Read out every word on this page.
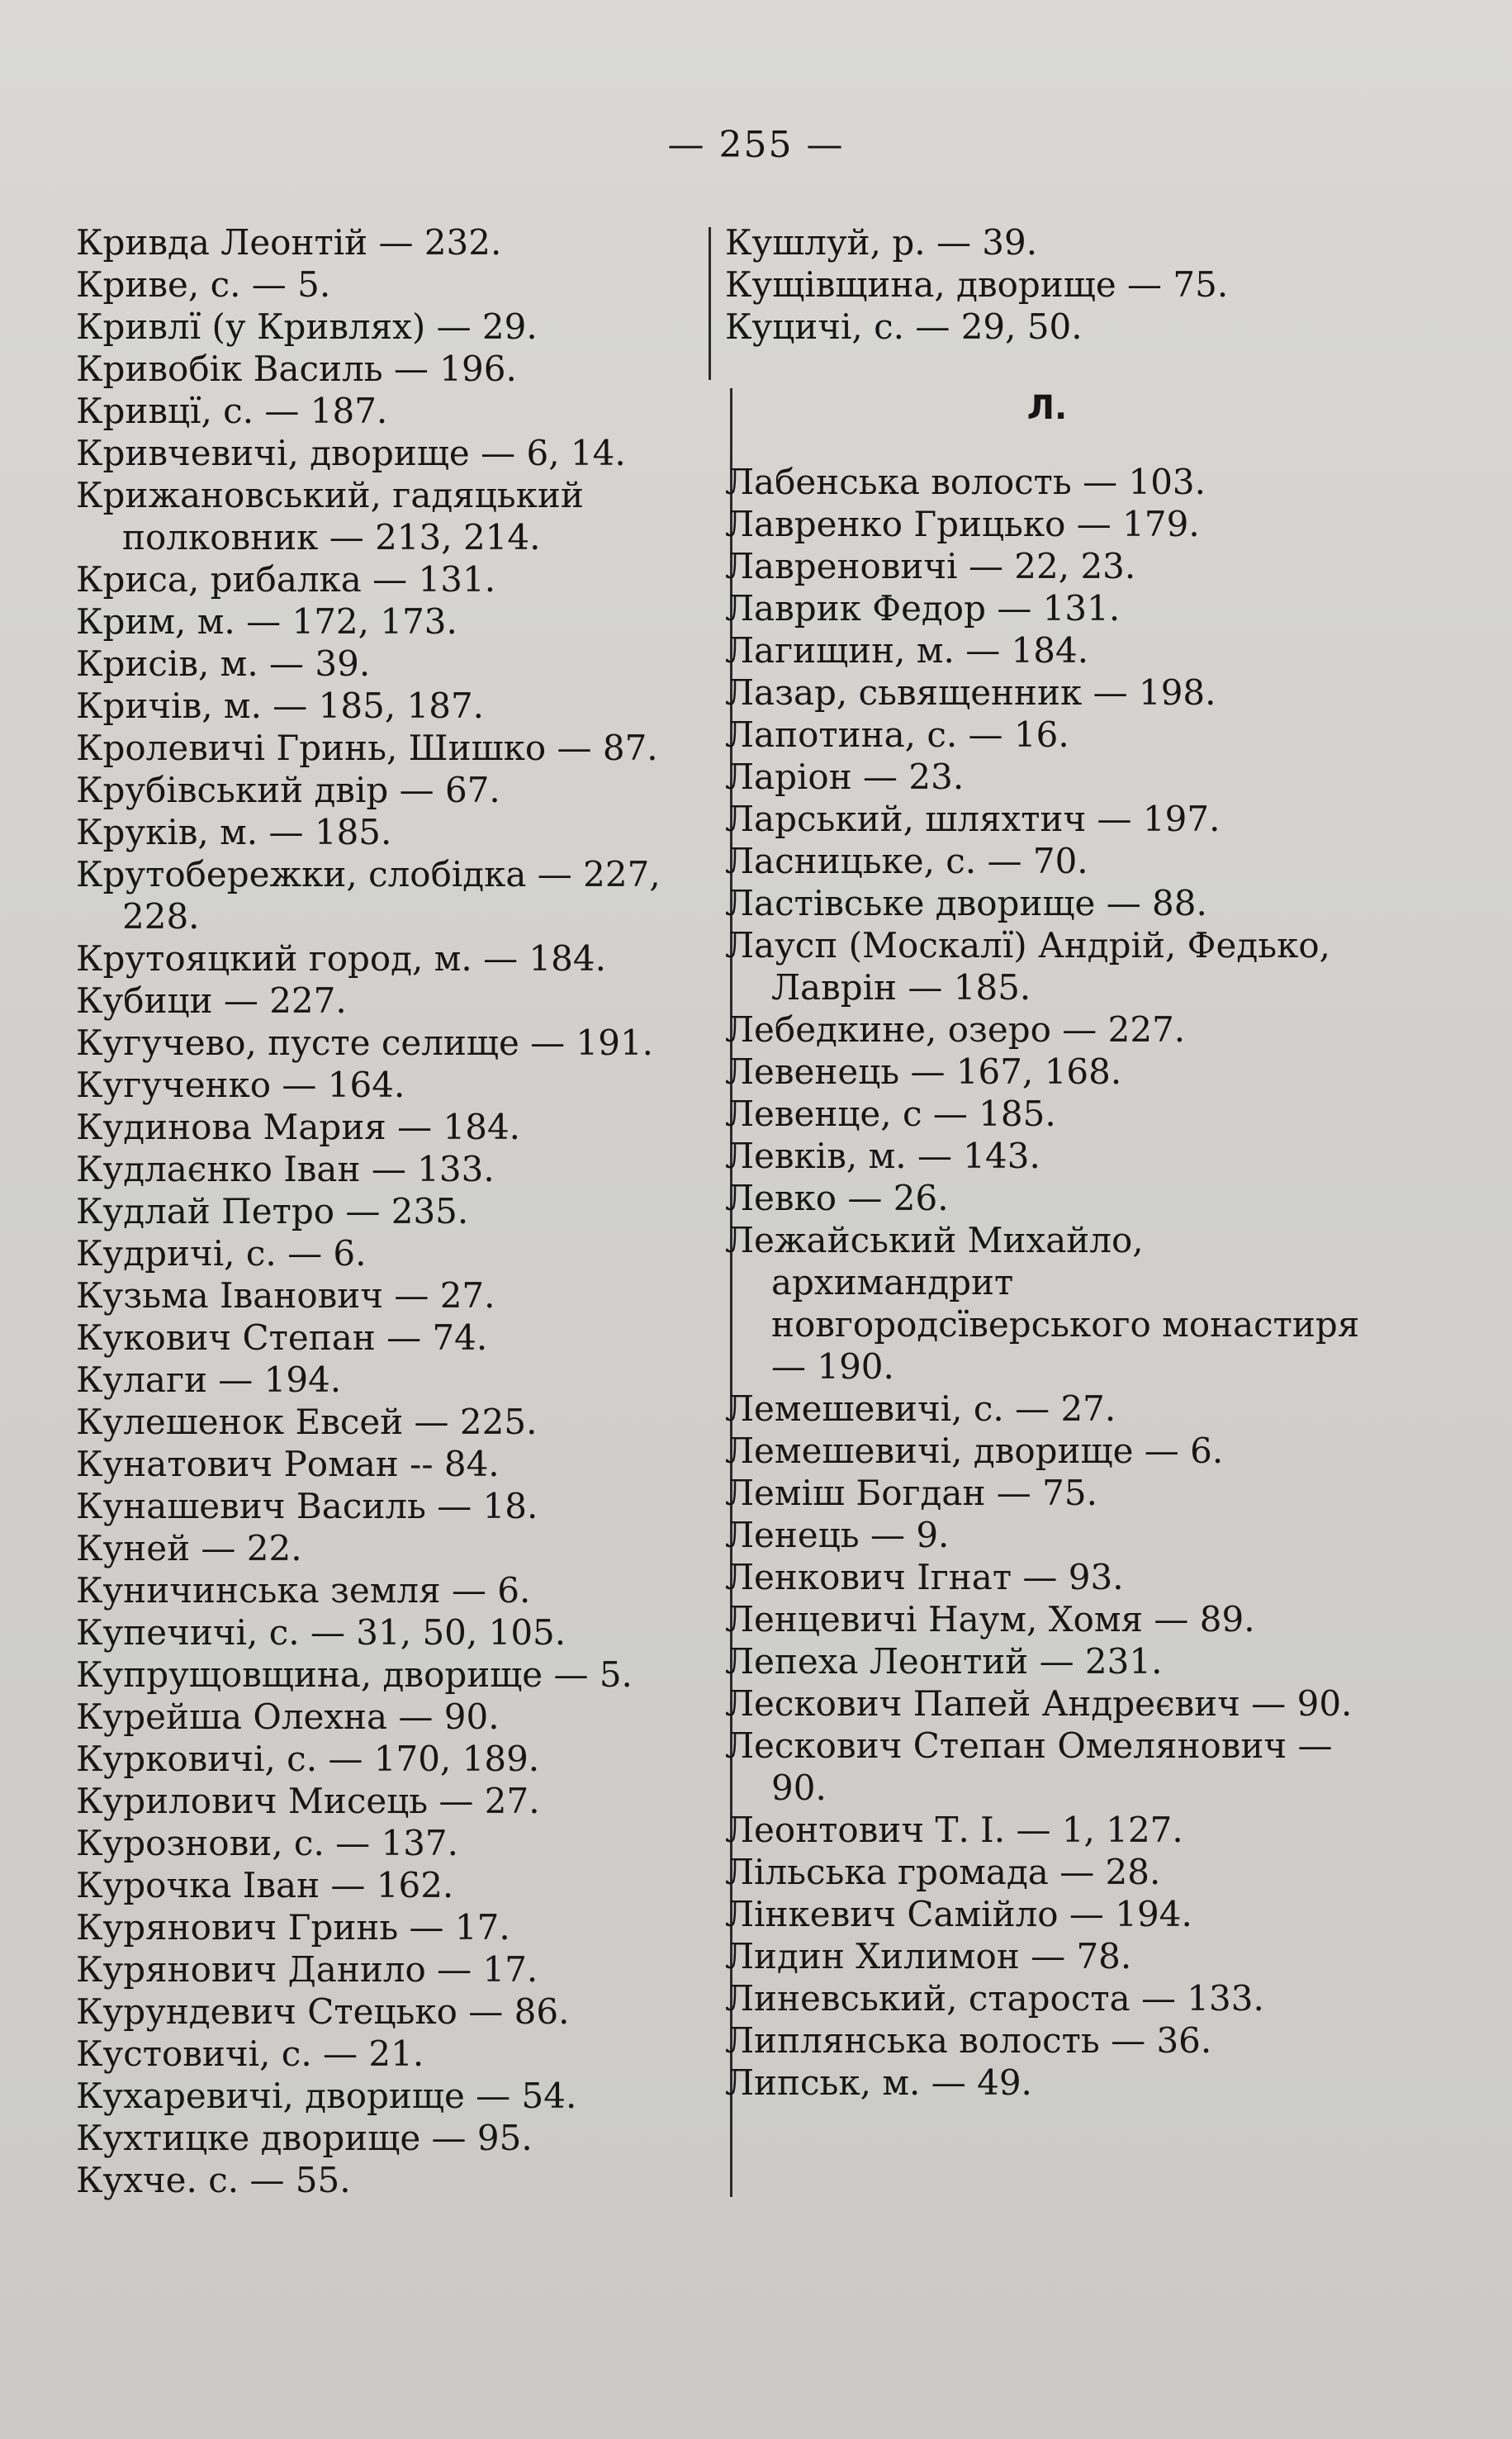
— 255 —
Кривда Леонтій — 232.
Криве, с. — 5.
Кривлї (у Кривлях) — 29.
Кривобік Василь — 196.
Кривцї, с. — 187.
Кривчевичі, дворище — 6, 14.
Крижановський, гадяцький полковник — 213, 214.
Криса, рибалка — 131.
Крим, м. — 172, 173.
Крисів, м. — 39.
Кричів, м. — 185, 187.
Кролевичі Гринь, Шишко — 87.
Крубівський двір — 67.
Круків, м. — 185.
Крутобережки, слобідка — 227, 228.
Крутояцкий город, м. — 184.
Кубици — 227.
Кугучево, пусте селище — 191.
Кугученко — 164.
Кудинова Мария — 184.
Кудлаєнко Іван — 133.
Кудлай Петро — 235.
Кудричі, с. — 6.
Кузьма Іванович — 27.
Кукович Степан — 74.
Кулаги — 194.
Кулешенок Евсей — 225.
Кунатович Роман -- 84.
Кунашевич Василь — 18.
Куней — 22.
Куничинська земля — 6.
Купечичі, с. — 31, 50, 105.
Купрущовщина, дворище — 5.
Курейша Олехна — 90.
Курковичі, с. — 170, 189.
Курилович Мисець — 27.
Курознови, с. — 137.
Курочка Іван — 162.
Курянович Гринь — 17.
Курянович Данило — 17.
Курундевич Стецько — 86.
Кустовичі, с. — 21.
Кухаревичі, дворище — 54.
Кухтицке дворище — 95.
Кухче. с. — 55.
Кушлуй, р. — 39.
Кущівщина, дворище — 75.
Куцичі, с. — 29, 50.
Л.
Лабенська волость — 103.
Лавренко Грицько — 179.
Лавреновичі — 22, 23.
Лаврик Федор — 131.
Лагищин, м. — 184.
Лазар, сьвященник — 198.
Лапотина, с. — 16.
Ларіон — 23.
Ларський, шляхтич — 197.
Ласницьке, с. — 70.
Ластівське дворище — 88.
Лаусп (Москалї) Андрій, Федько, Лаврін — 185.
Лебедкине, озеро — 227.
Левенець — 167, 168.
Левенце, с — 185.
Левків, м. — 143.
Левко — 26.
Лежайський Михайло, архимандрит новгородсїверського монастиря — 190.
Лемешевичі, с. — 27.
Лемешевичі, дворище — 6.
Леміш Богдан — 75.
Ленець — 9.
Ленкович Ігнат — 93.
Ленцевичі Наум, Хомя — 89.
Лепеха Леонтий — 231.
Лескович Папей Андреєвич — 90.
Лескович Степан Омелянович — 90.
Леонтович Т. І. — 1, 127.
Лільська громада — 28.
Лінкевич Самійло — 194.
Лидин Хилимон — 78.
Линевський, староста — 133.
Липлянська волость — 36.
Липськ, м. — 49.
